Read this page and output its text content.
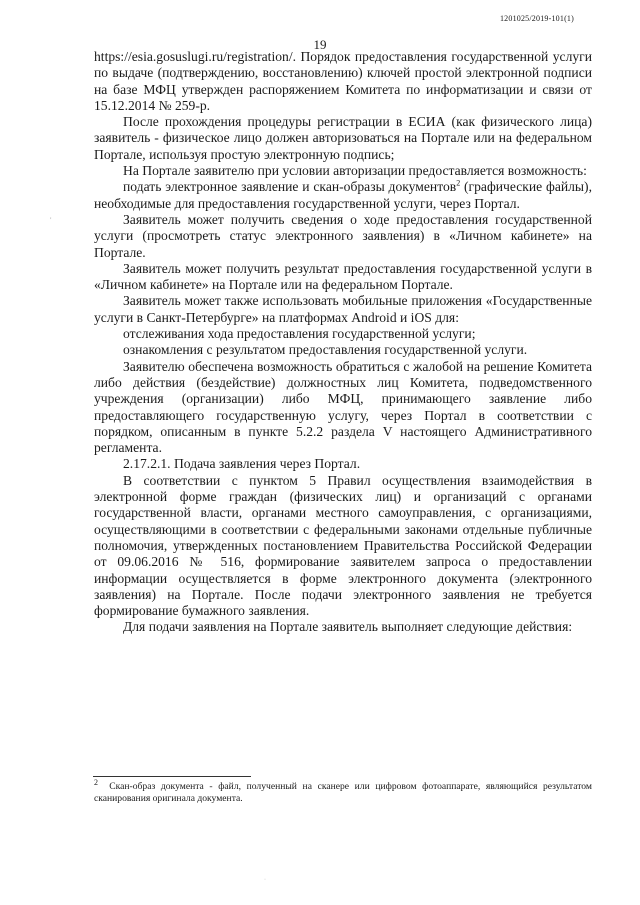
1201025/2019-101(1)
19
,

https://esia.gosuslugi.ru/registration/. Порядок предоставления государственной услуги по выдаче (подтверждению, восстановлению) ключей простой электронной подписи на базе МФЦ утвержден распоряжением Комитета по информатизации и связи от 15.12.2014 № 259-р.

После прохождения процедуры регистрации в ЕСИА (как физического лица) заявитель - физическое лицо должен авторизоваться на Портале или на федеральном Портале, используя простую электронную подпись;

На Портале заявителю при условии авторизации предоставляется возможность:

подать электронное заявление и скан-образы документов$^2$ (графические файлы), необходимые для предоставления государственной услуги, через Портал.

Заявитель может получить сведения о ходе предоставления государственной услуги (просмотреть статус электронного заявления) в «Личном кабинете» на Портале.

Заявитель может получить результат предоставления государственной услуги в «Личном кабинете» на Портале или на федеральном Портале.

Заявитель может также использовать мобильные приложения «Государственные услуги в Санкт-Петербурге» на платформах Android и iOS для:

отслеживания хода предоставления государственной услуги;

ознакомления с результатом предоставления государственной услуги.

Заявителю обеспечена возможность обратиться с жалобой на решение Комитета либо действия (бездействие) должностных лиц Комитета, подведомственного учреждения (организации) либо МФЦ, принимающего заявление либо предоставляющего государственную услугу, через Портал в соответствии с порядком, описанным в пункте 5.2.2 раздела V настоящего Административного регламента.

2.17.2.1. Подача заявления через Портал.

В соответствии с пунктом 5 Правил осуществления взаимодействия в электронной форме граждан (физических лиц) и организаций с органами государственной власти, органами местного самоуправления, с организациями, осуществляющими в соответствии с федеральными законами отдельные публичные полномочия, утвержденных постановлением Правительства Российской Федерации от 09.06.2016 № 516, формирование заявителем запроса о предоставлении информации осуществляется в форме электронного документа (электронного заявления) на Портале. После подачи электронного заявления не требуется формирование бумажного заявления.

Для подачи заявления на Портале заявитель выполняет следующие действия:

$^2$ Скан-образ документа - файл, полученный на сканере или цифровом фотоаппарате, являющийся результатом сканирования оригинала документа.
·
